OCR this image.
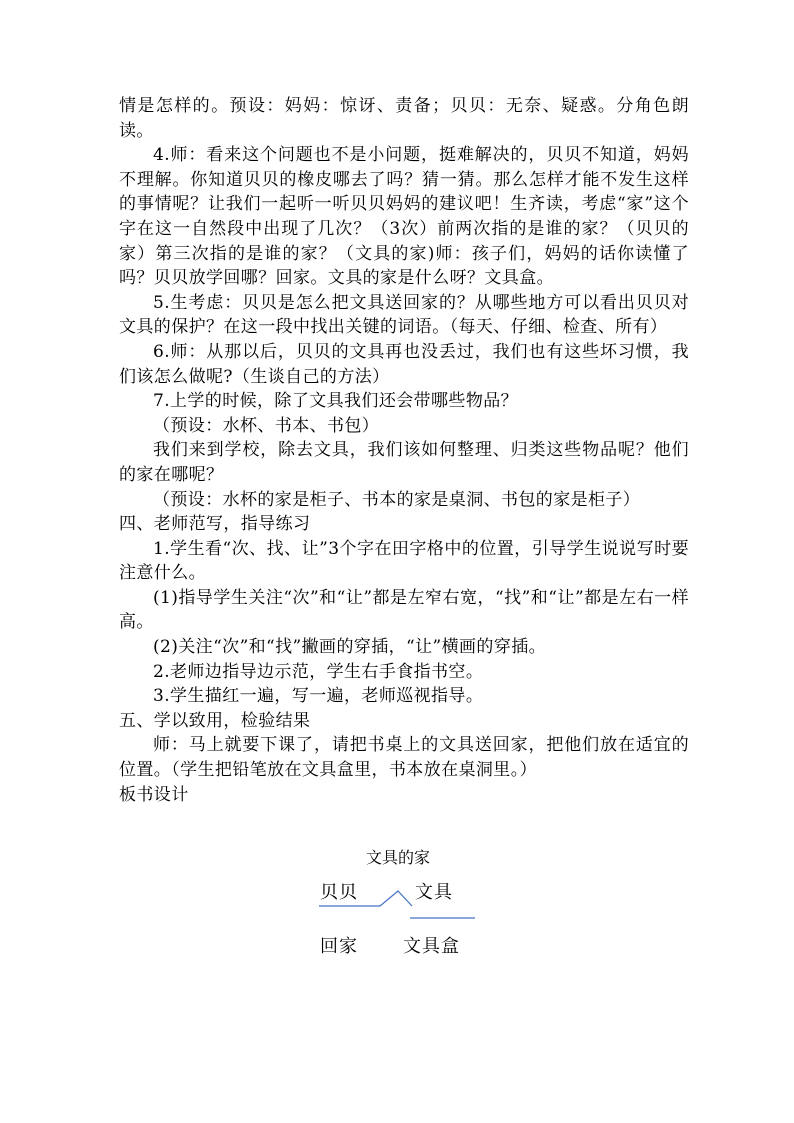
情是怎样的。预设：妈妈：惊讶、责备；贝贝：无奈、疑惑。分角色朗读。

4.师：看来这个问题也不是小问题，挺难解决的，贝贝不知道，妈妈不理解。你知道贝贝的橡皮哪去了吗？猜一猜。那么怎样才能不发生这样的事情呢？让我们一起听一听贝贝妈妈的建议吧！生齐读，考虑“家”这个字在这一自然段中出现了几次？（3次）前两次指的是谁的家？（贝贝的家）第三次指的是谁的家？（文具的家)师：孩子们，妈妈的话你读懂了吗？贝贝放学回哪？回家。文具的家是什么呀？文具盒。

5.生考虑：贝贝是怎么把文具送回家的？从哪些地方可以看出贝贝对文具的保护？在这一段中找出关键的词语。（每天、仔细、检查、所有）

6.师：从那以后，贝贝的文具再也没丢过，我们也有这些坏习惯，我们该怎么做呢?（生谈自己的方法）

7.上学的时候，除了文具我们还会带哪些物品？

（预设：水杯、书本、书包）

我们来到学校，除去文具，我们该如何整理、归类这些物品呢？他们的家在哪呢？

（预设：水杯的家是柜子、书本的家是桌洞、书包的家是柜子）

四、老师范写，指导练习

1.学生看“次、找、让”3个字在田字格中的位置，引导学生说说写时要注意什么。

(1)指导学生关注“次”和“让”都是左窄右宽，“找”和“让”都是左右一样高。

(2)关注“次”和“找”撇画的穿插，“让”横画的穿插。

2.老师边指导边示范，学生右手食指书空。

3.学生描红一遍，写一遍，老师巡视指导。

五、学以致用，检验结果

师：马上就要下课了，请把书桌上的文具送回家，把他们放在适宜的位置。（学生把铅笔放在文具盒里，书本放在桌洞里。）

板书设计

文具的家
贝贝	文具
回家	文具盒
